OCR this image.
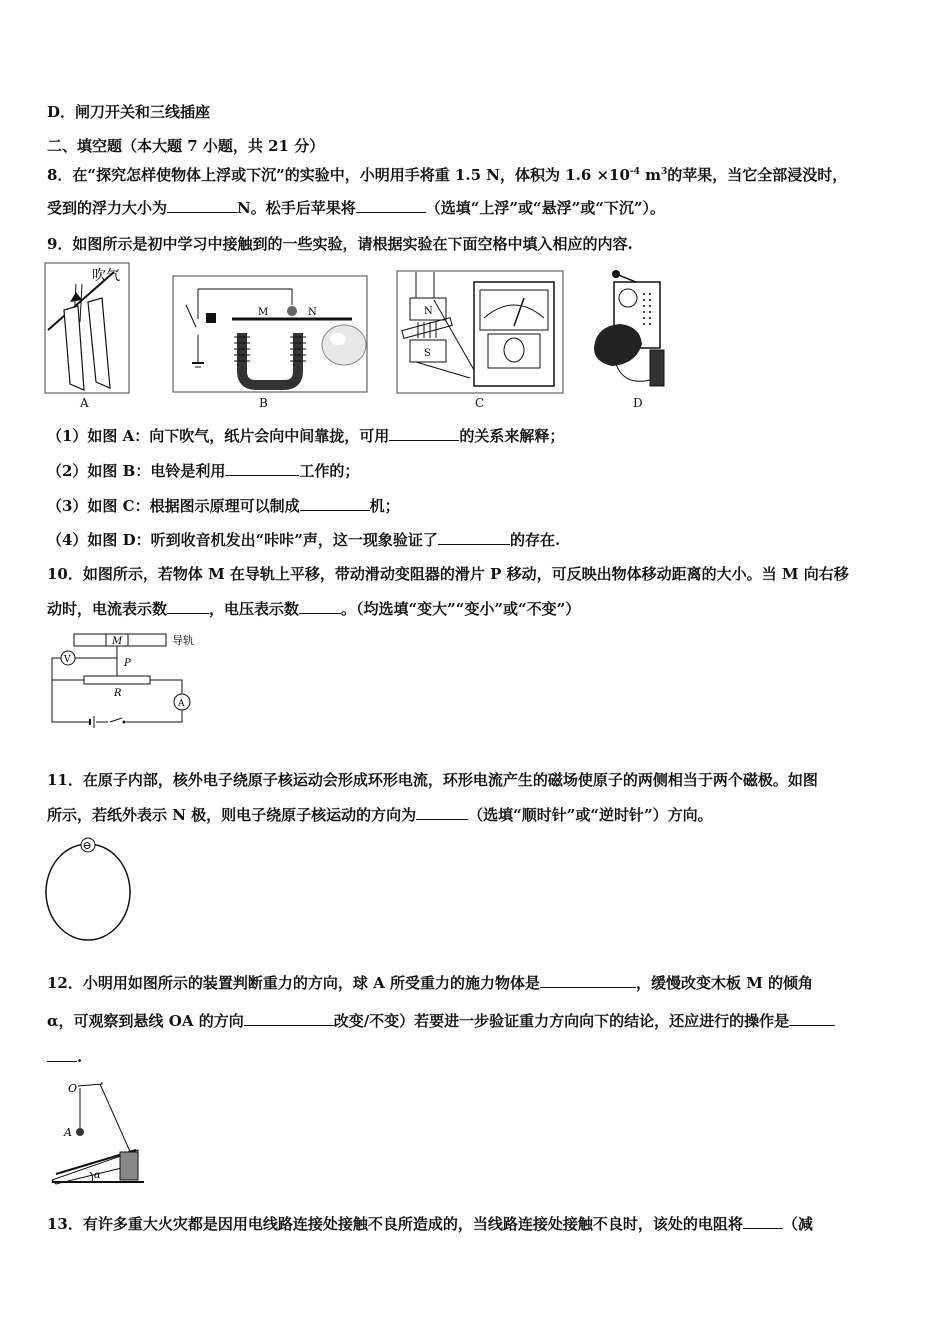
D．闸刀开关和三线插座
二、填空题（本大题 7 小题，共 21 分）
8．在“探究怎样使物体上浮或下沉”的实验中，小明用手将重 1.5 N，体积为 $1.6 \times 10^{-4}$ $m^3$的苹果，当它全部浸没时，
受到的浮力大小为	N。松手后苹果将	（选填“上浮”或“悬浮”或“下沉”）。
9．如图所示是初中学习中接触到的一些实验，请根据实验在下面空格中填入相应的内容.
吹气
A
M	N
B
N
S
C	D
（1）如图 A：向下吹气，纸片会向中间靠拢，可用	的关系来解释；
（2）如图 B：电铃是利用	工作的；
（3）如图 C：根据图示原理可以制成	机；
（4）如图 D：听到收音机发出“咔咔”声，这一现象验证了	的存在.
10．如图所示，若物体 M 在导轨上平移，带动滑动变阻器的滑片 P 移动，可反映出物体移动距离的大小。当 M 向右移
动时，电流表示数	，电压表示数	。（均选填“变大”“变小”或“不变”）
M	导轨
P
V
R
A
11．在原子内部，核外电子绕原子核运动会形成环形电流，环形电流产生的磁场使原子的两侧相当于两个磁极。如图
所示，若纸外表示 N 极，则电子绕原子核运动的方向为	（选填“顺时针”或“逆时针”）方向。
⊖
12．小明用如图所示的装置判断重力的方向，球 A 所受重力的施力物体是	，缓慢改变木板 M 的倾角
α，可观察到悬线 OA 的方向	改变/不变）若要进一步验证重力方向向下的结论，还应进行的操作是
.
O
A
α
13．有许多重大火灾都是因用电线路连接处接触不良所造成的，当线路连接处接触不良时，该处的电阻将	（减
